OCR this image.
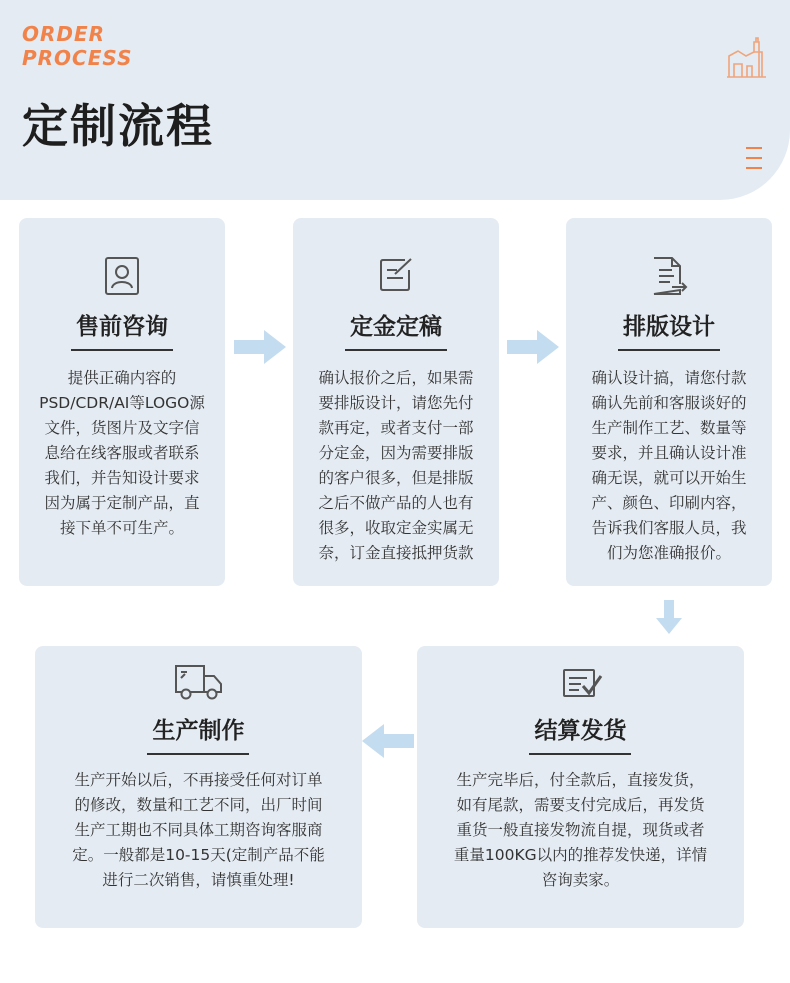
ORDER
PROCESS
定制流程
售前咨询
提供正确内容的
PSD/CDR/AI等LOGO源
文件，货图片及文字信
息给在线客服或者联系
我们，并告知设计要求
因为属于定制产品，直
接下单不可生产。
定金定稿
确认报价之后，如果需
要排版设计，请您先付
款再定，或者支付一部
分定金，因为需要排版
的客户很多，但是排版
之后不做产品的人也有
很多，收取定金实属无
奈，订金直接抵押货款
排版设计
确认设计搞，请您付款
确认先前和客服谈好的
生产制作工艺、数量等
要求，并且确认设计准
确无误，就可以开始生
产、颜色、印刷内容，
告诉我们客服人员，我
们为您准确报价。
结算发货
生产完毕后，付全款后，直接发货，
如有尾款，需要支付完成后，再发货
重货一般直接发物流自提，现货或者
重量100KG以内的推荐发快递，详情
咨询卖家。
生产制作
生产开始以后，不再接受任何对订单
的修改，数量和工艺不同，出厂时间
生产工期也不同具体工期咨询客服商
定。一般都是10-15天(定制产品不能
进行二次销售，请慎重处理!
